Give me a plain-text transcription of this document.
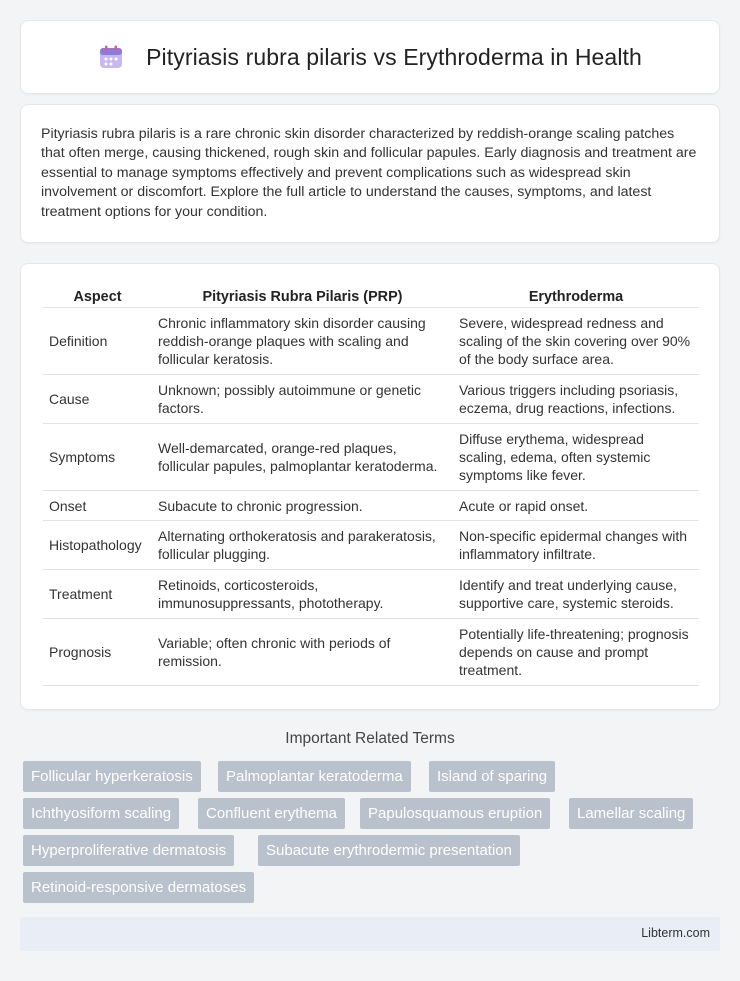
Pityriasis rubra pilaris vs Erythroderma in Health

Pityriasis rubra pilaris is a rare chronic skin disorder characterized by reddish-orange scaling patches that often merge, causing thickened, rough skin and follicular papules. Early diagnosis and treatment are essential to manage symptoms effectively and prevent complications such as widespread skin involvement or discomfort. Explore the full article to understand the causes, symptoms, and latest treatment options for your condition.

Aspect	Pityriasis Rubra Pilaris (PRP)	Erythroderma
Definition	Chronic inflammatory skin disorder causing reddish-orange plaques with scaling and follicular keratosis.	Severe, widespread redness and scaling of the skin covering over 90% of the body surface area.
Cause	Unknown; possibly autoimmune or genetic factors.	Various triggers including psoriasis, eczema, drug reactions, infections.
Symptoms	Well-demarcated, orange-red plaques, follicular papules, palmoplantar keratoderma.	Diffuse erythema, widespread scaling, edema, often systemic symptoms like fever.
Onset	Subacute to chronic progression.	Acute or rapid onset.
Histopathology	Alternating orthokeratosis and parakeratosis, follicular plugging.	Non-specific epidermal changes with inflammatory infiltrate.
Treatment	Retinoids, corticosteroids, immunosuppressants, phototherapy.	Identify and treat underlying cause, supportive care, systemic steroids.
Prognosis	Variable; often chronic with periods of remission.	Potentially life-threatening; prognosis depends on cause and prompt treatment.
Important Related Terms
Follicular hyperkeratosis	Palmoplantar keratoderma	Island of sparing
Ichthyosiform scaling	Confluent erythema	Papulosquamous eruption	Lamellar scaling
Hyperproliferative dermatosis	Subacute erythrodermic presentation
Retinoid-responsive dermatoses
Libterm.com
